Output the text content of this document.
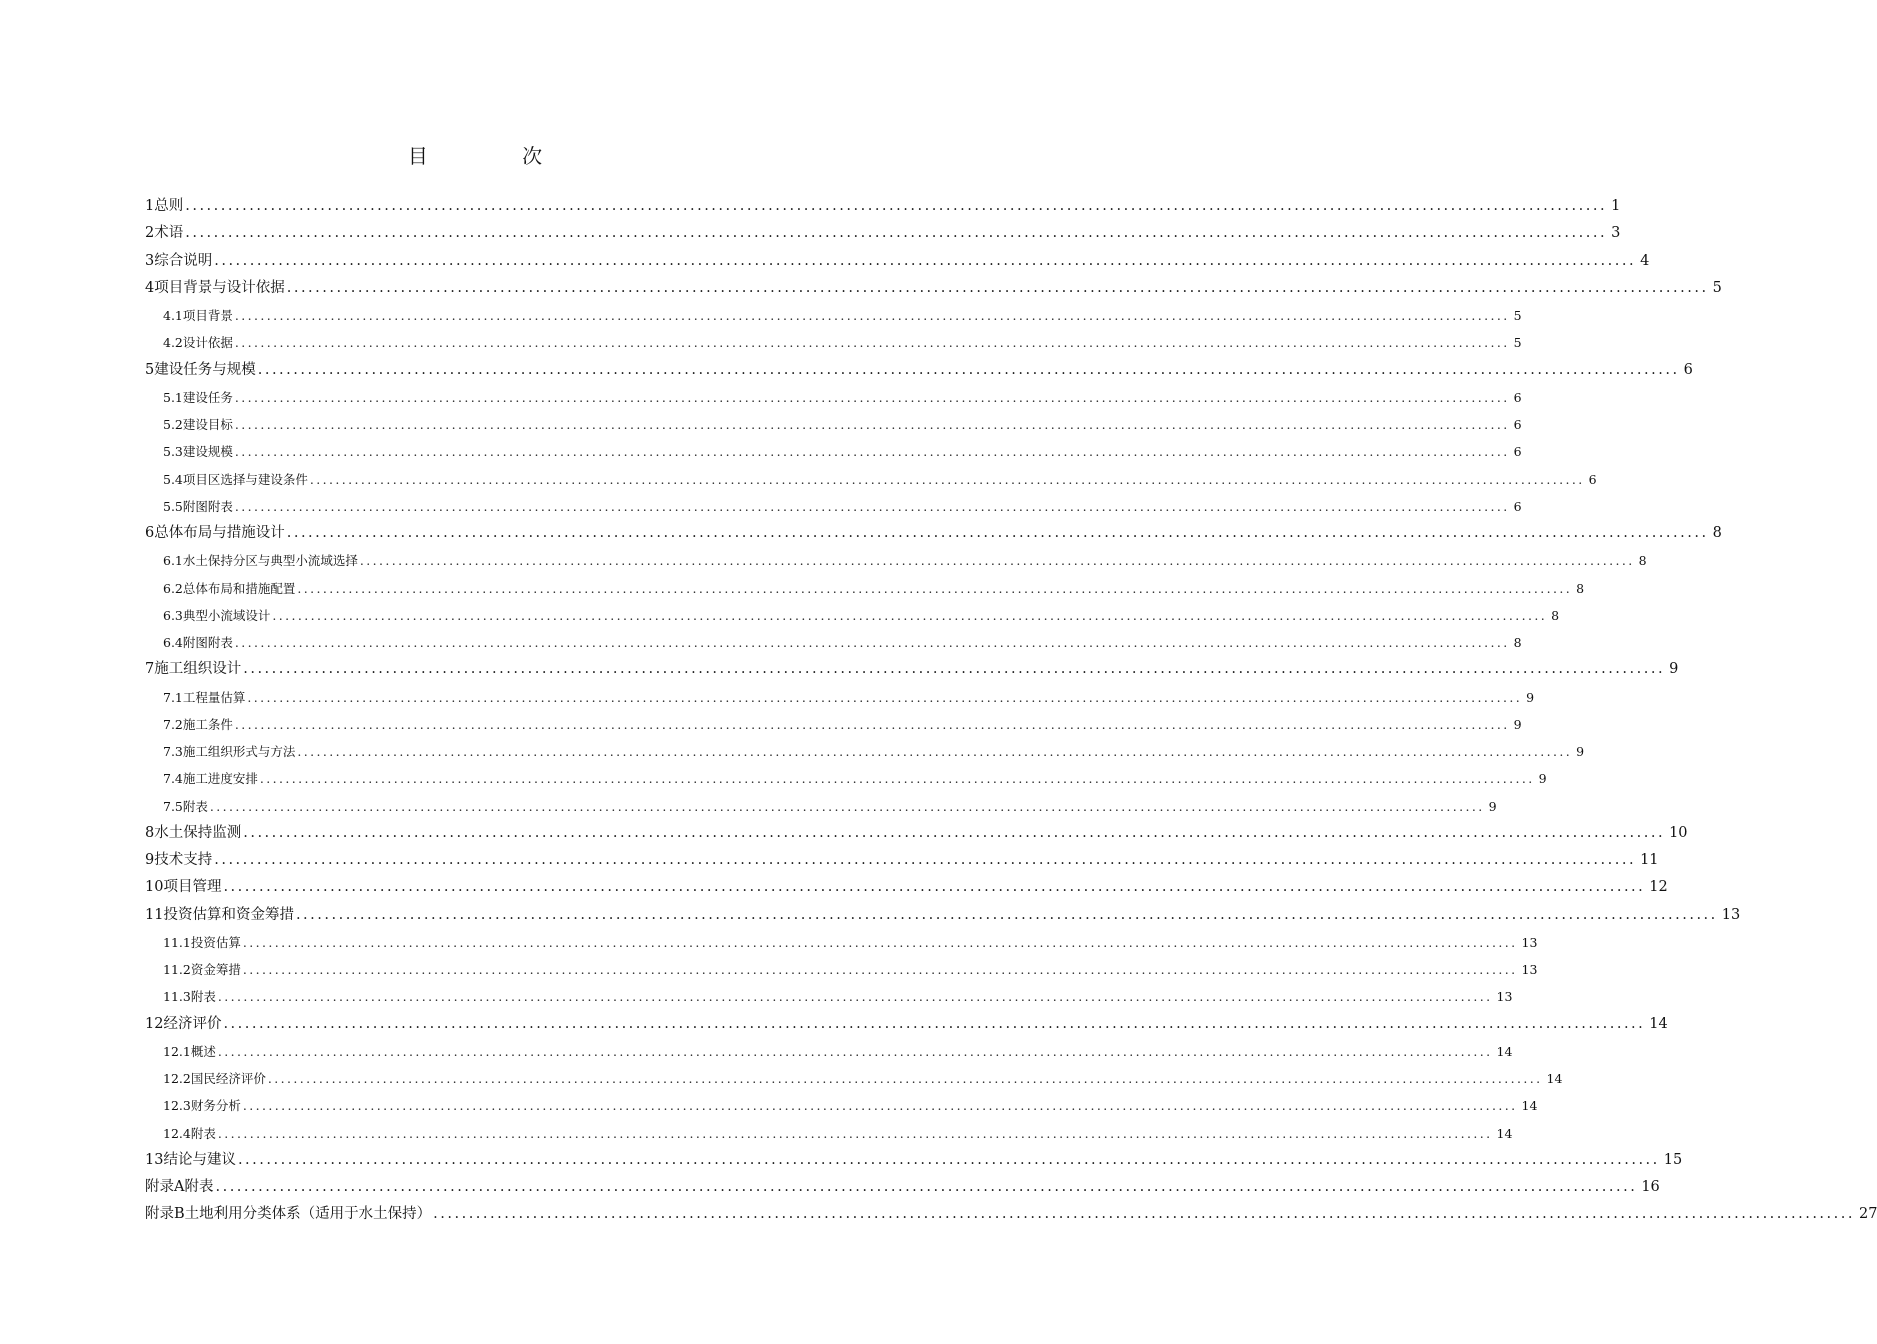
目 次
1 总则 ........................................................................................................................................................................................................ 1
2 术语 ........................................................................................................................................................................................................ 3
3 综合说明 ........................................................................................................................................................................................................ 4
4 项目背景与设计依据 ........................................................................................................................................................................................................ 5
4.1 项目背景 ........................................................................................................................................................................................................ 5
4.2 设计依据 ........................................................................................................................................................................................................ 5
5 建设任务与规模 ........................................................................................................................................................................................................ 6
5.1 建设任务 ........................................................................................................................................................................................................ 6
5.2 建设目标 ........................................................................................................................................................................................................ 6
5.3 建设规模 ........................................................................................................................................................................................................ 6
5.4 项目区选择与建设条件 ........................................................................................................................................................................................................ 6
5.5 附图附表 ........................................................................................................................................................................................................ 6
6 总体布局与措施设计 ........................................................................................................................................................................................................ 8
6.1 水土保持分区与典型小流域选择 ........................................................................................................................................................................................................ 8
6.2 总体布局和措施配置 ........................................................................................................................................................................................................ 8
6.3 典型小流域设计 ........................................................................................................................................................................................................ 8
6.4 附图附表 ........................................................................................................................................................................................................ 8
7 施工组织设计 ........................................................................................................................................................................................................ 9
7.1 工程量估算 ........................................................................................................................................................................................................ 9
7.2 施工条件 ........................................................................................................................................................................................................ 9
7.3 施工组织形式与方法 ........................................................................................................................................................................................................ 9
7.4 施工进度安排 ........................................................................................................................................................................................................ 9
7.5 附表 ........................................................................................................................................................................................................ 9
8 水土保持监测 ........................................................................................................................................................................................................ 10
9 技术支持 ........................................................................................................................................................................................................ 11
10 项目管理 ........................................................................................................................................................................................................ 12
11 投资估算和资金筹措 ........................................................................................................................................................................................................ 13
11.1 投资估算 ........................................................................................................................................................................................................ 13
11.2 资金筹措 ........................................................................................................................................................................................................ 13
11.3 附表 ........................................................................................................................................................................................................ 13
12 经济评价 ........................................................................................................................................................................................................ 14
12.1 概述 ........................................................................................................................................................................................................ 14
12.2 国民经济评价 ........................................................................................................................................................................................................ 14
12.3 财务分析 ........................................................................................................................................................................................................ 14
12.4 附表 ........................................................................................................................................................................................................ 14
13 结论与建议 ........................................................................................................................................................................................................ 15
附录A 附表 ........................................................................................................................................................................................................ 16
附录B 土地利用分类体系（适用于水土保持） ........................................................................................................................................................................................................ 27
